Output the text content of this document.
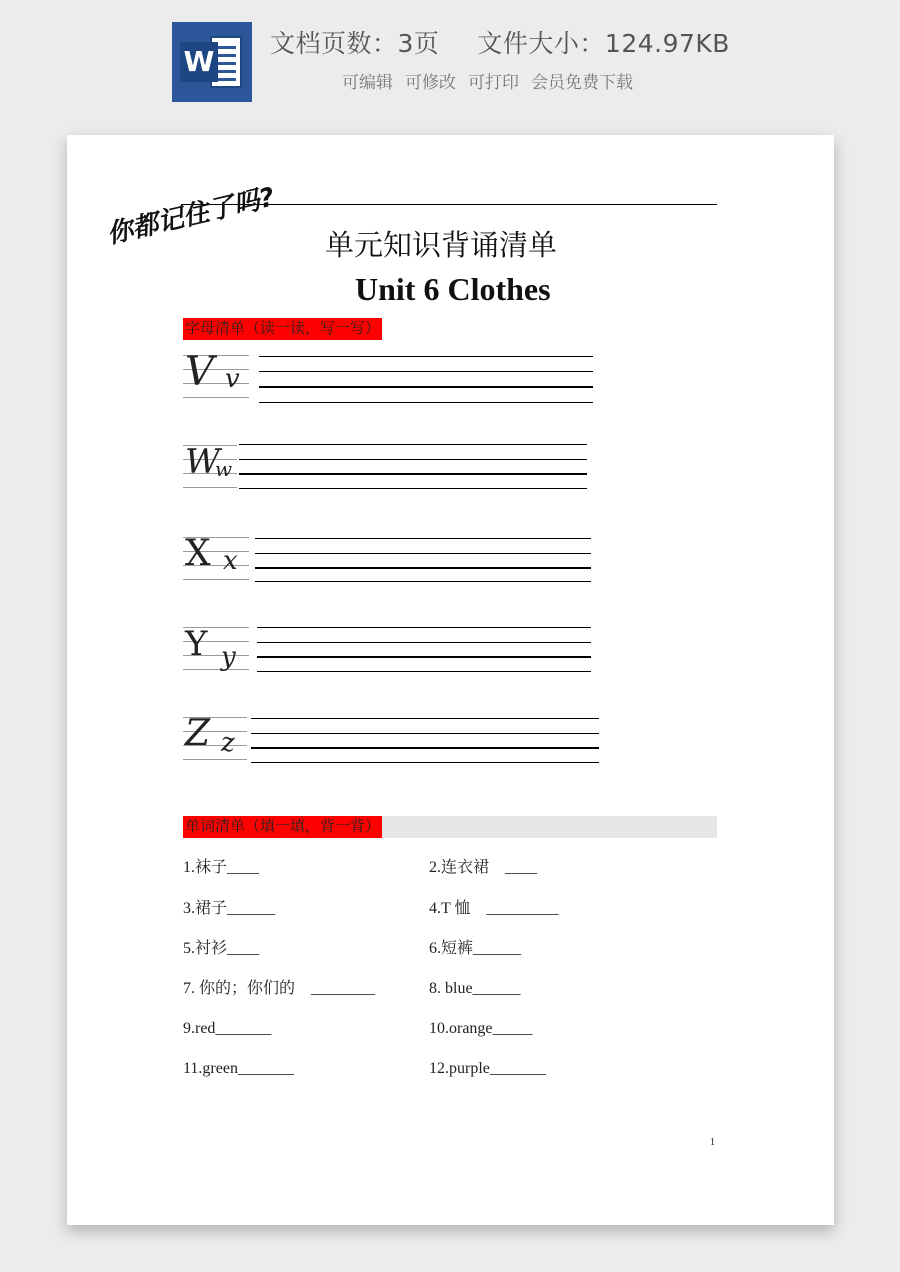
W
文档页数：3页 文件大小：124.97KB
可编辑 可修改 可打印 会员免费下载
你都记住了吗? 单元知识背诵清单
Unit 6 Clothes
字母清单（读一读，写一写）
V v
W
w
X x
Y y
Z z
单词清单（填一填，背一背）
1.袜子____	2.连衣裙　____
3.裙子______	4.T 恤　_________
5.衬衫____	6.短裤______
7. 你的；你们的　________	8. blue______
9.red_______	10.orange_____
11.green_______	12.purple_______
1
